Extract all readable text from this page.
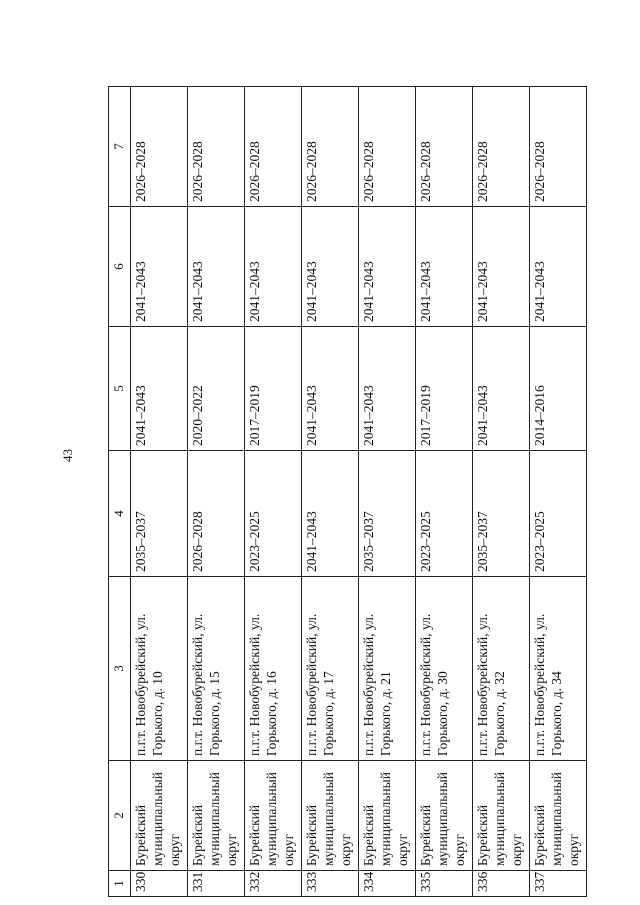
43
1	2	3	4	5	6	7
330	Бурейский муниципальный округ	п.г.т. Новобурейский, ул. Горького, д. 10	2035–2037	2041–2043	2041–2043	2026–2028
331	Бурейский муниципальный округ	п.г.т. Новобурейский, ул. Горького, д. 15	2026–2028	2020–2022	2041–2043	2026–2028
332	Бурейский муниципальный округ	п.г.т. Новобурейский, ул. Горького, д. 16	2023–2025	2017–2019	2041–2043	2026–2028
333	Бурейский муниципальный округ	п.г.т. Новобурейский, ул. Горького, д. 17	2041–2043	2041–2043	2041–2043	2026–2028
334	Бурейский муниципальный округ	п.г.т. Новобурейский, ул. Горького, д. 21	2035–2037	2041–2043	2041–2043	2026–2028
335	Бурейский муниципальный округ	п.г.т. Новобурейский, ул. Горького, д. 30	2023–2025	2017–2019	2041–2043	2026–2028
336	Бурейский муниципальный округ	п.г.т. Новобурейский, ул. Горького, д. 32	2035–2037	2041–2043	2041–2043	2026–2028
337	Бурейский муниципальный округ	п.г.т. Новобурейский, ул. Горького, д. 34	2023–2025	2014–2016	2041–2043	2026–2028
